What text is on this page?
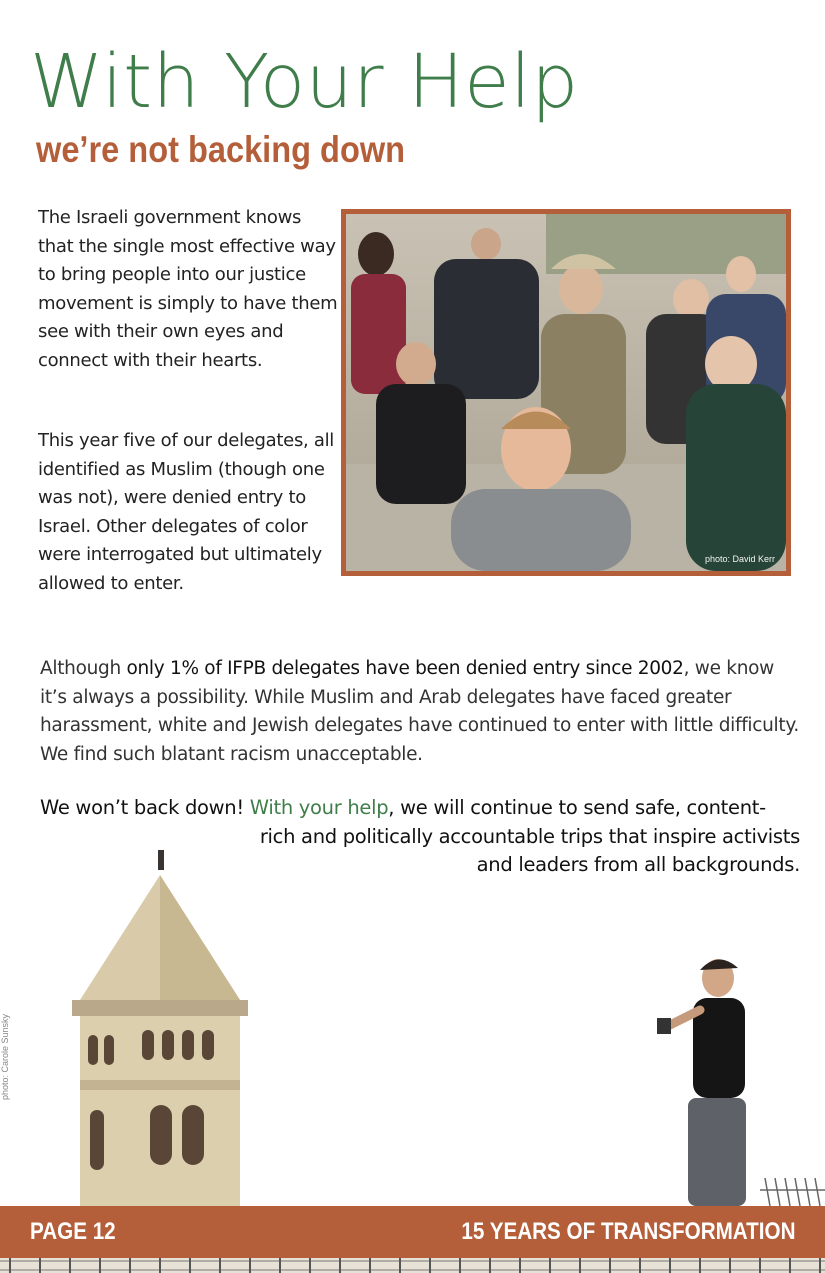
With Your Help
we’re not backing down

The Israeli government knows that the single most effective way to bring people into our justice movement is simply to have them see with their own eyes and connect with their hearts.

This year five of our delegates, all identified as Muslim (though one was not), were denied entry to Israel. Other delegates of color were interrogated but ultimately allowed to enter.

photo: David Kerr

Although only 1% of IFPB delegates have been denied entry since 2002, we know it’s always a possibility. While Muslim and Arab delegates have faced greater harassment, white and Jewish delegates have continued to enter with little difficulty. We find such blatant racism unacceptable.

We won’t back down! With your help, we will continue to send safe, content-
rich and politically accountable trips that inspire activists
and leaders from all backgrounds.

photo: Carole Sunsky

PAGE 12	15 YEARS OF TRANSFORMATION
